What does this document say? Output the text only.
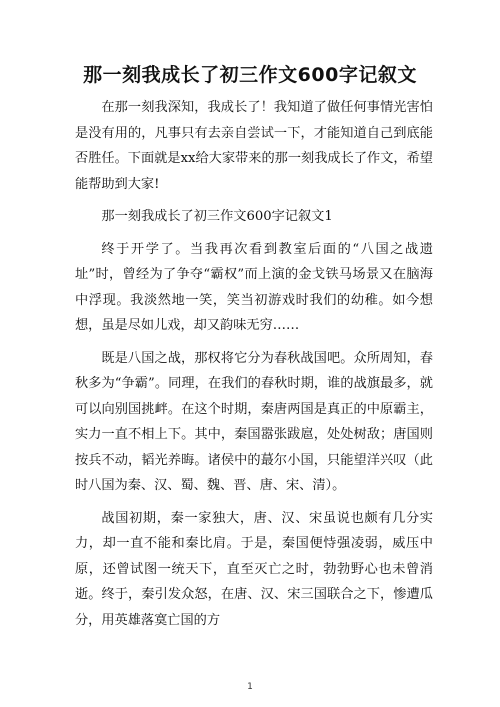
那一刻我成长了初三作文600字记叙文

在那一刻我深知，我成长了！我知道了做任何事情光害怕是没有用的，凡事只有去亲自尝试一下，才能知道自己到底能否胜任。下面就是xx给大家带来的那一刻我成长了作文，希望能帮助到大家!

那一刻我成长了初三作文600字记叙文1

终于开学了。当我再次看到教室后面的“八国之战遗址”时，曾经为了争夺“霸权”而上演的金戈铁马场景又在脑海中浮现。我淡然地一笑，笑当初游戏时我们的幼稚。如今想想，虽是尽如儿戏，却又韵味无穷……

既是八国之战，那权将它分为春秋战国吧。众所周知，春秋多为“争霸”。同理，在我们的春秋时期，谁的战旗最多，就可以向别国挑衅。在这个时期，秦唐两国是真正的中原霸主，实力一直不相上下。其中，秦国嚣张跋扈，处处树敌；唐国则按兵不动，韬光养晦。诸侯中的蕞尔小国，只能望洋兴叹（此时八国为秦、汉、蜀、魏、晋、唐、宋、清）。

战国初期，秦一家独大，唐、汉、宋虽说也颇有几分实力，却一直不能和秦比肩。于是，秦国便恃强凌弱，威压中原，还曾试图一统天下，直至灭亡之时，勃勃野心也未曾消逝。终于，秦引发众怒，在唐、汉、宋三国联合之下，惨遭瓜分，用英雄落寞亡国的方

1
